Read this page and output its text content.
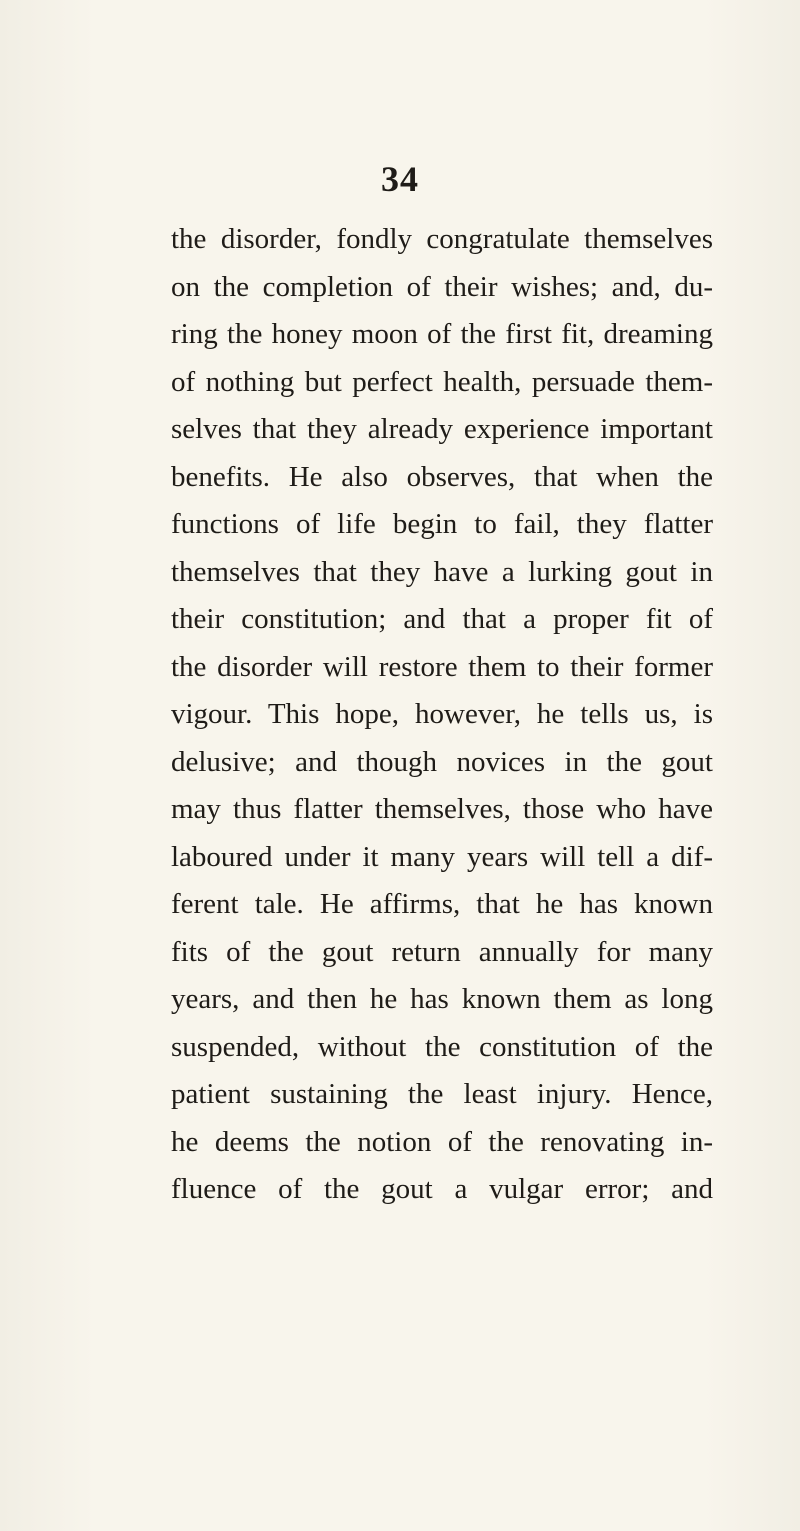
34
the disorder, fondly congratulate themselves
on the completion of their wishes; and, du-
ring the honey moon of the first fit, dreaming
of nothing but perfect health, persuade them-
selves that they already experience important
benefits. He also observes, that when the
functions of life begin to fail, they flatter
themselves that they have a lurking gout in
their constitution; and that a proper fit of
the disorder will restore them to their former
vigour. This hope, however, he tells us, is
delusive; and though novices in the gout
may thus flatter themselves, those who have
laboured under it many years will tell a dif-
ferent tale. He affirms, that he has known
fits of the gout return annually for many
years, and then he has known them as long
suspended, without the constitution of the
patient sustaining the least injury. Hence,
he deems the notion of the renovating in-
fluence of the gout a vulgar error; and
